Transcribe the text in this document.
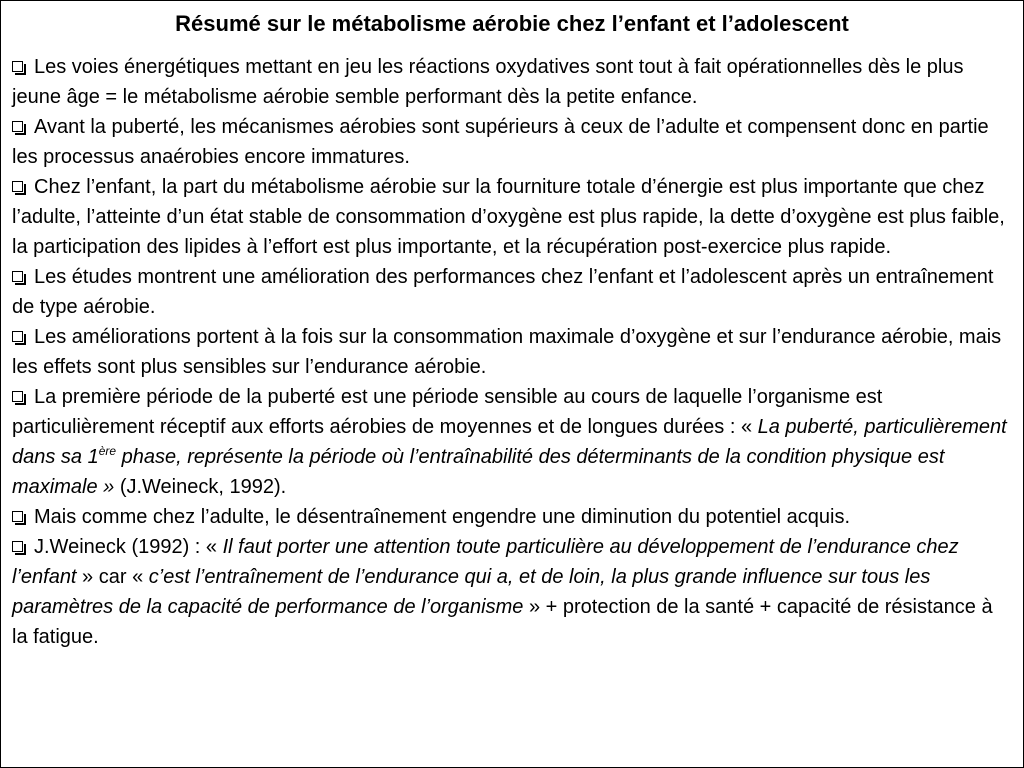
Résumé sur le métabolisme aérobie chez l’enfant et l’adolescent
Les voies énergétiques mettant en jeu les réactions oxydatives sont tout à fait opérationnelles dès le plus jeune âge = le métabolisme aérobie semble performant dès la petite enfance.
Avant la puberté, les mécanismes aérobies sont supérieurs à ceux de l’adulte et compensent donc en partie les processus anaérobies encore immatures.
Chez l’enfant, la part du métabolisme aérobie sur la fourniture totale d’énergie est plus importante que chez l’adulte, l’atteinte d’un état stable de consommation d’oxygène est plus rapide, la dette d’oxygène est plus faible, la participation des lipides à l’effort est plus importante, et la récupération post-exercice plus rapide.
Les études montrent une amélioration des performances chez l’enfant et l’adolescent après un entraînement de type aérobie.
Les améliorations portent à la fois sur la consommation maximale d’oxygène et sur l’endurance aérobie, mais les effets sont plus sensibles sur l’endurance aérobie.
La première période de la puberté est une période sensible au cours de laquelle l’organisme est particulièrement réceptif aux efforts aérobies de moyennes et de longues durées : « La puberté, particulièrement dans sa 1ère phase, représente la période où l’entraînabilité des déterminants de la condition physique est maximale » (J.Weineck, 1992).
Mais comme chez l’adulte, le désentraînement engendre une diminution du potentiel acquis.
J.Weineck (1992) : « Il faut porter une attention toute particulière au développement de l’endurance chez l’enfant » car « c’est l’entraînement de l’endurance qui a, et de loin, la plus grande influence sur tous les paramètres de la capacité de performance de l’organisme » + protection de la santé + capacité de résistance à la fatigue.
